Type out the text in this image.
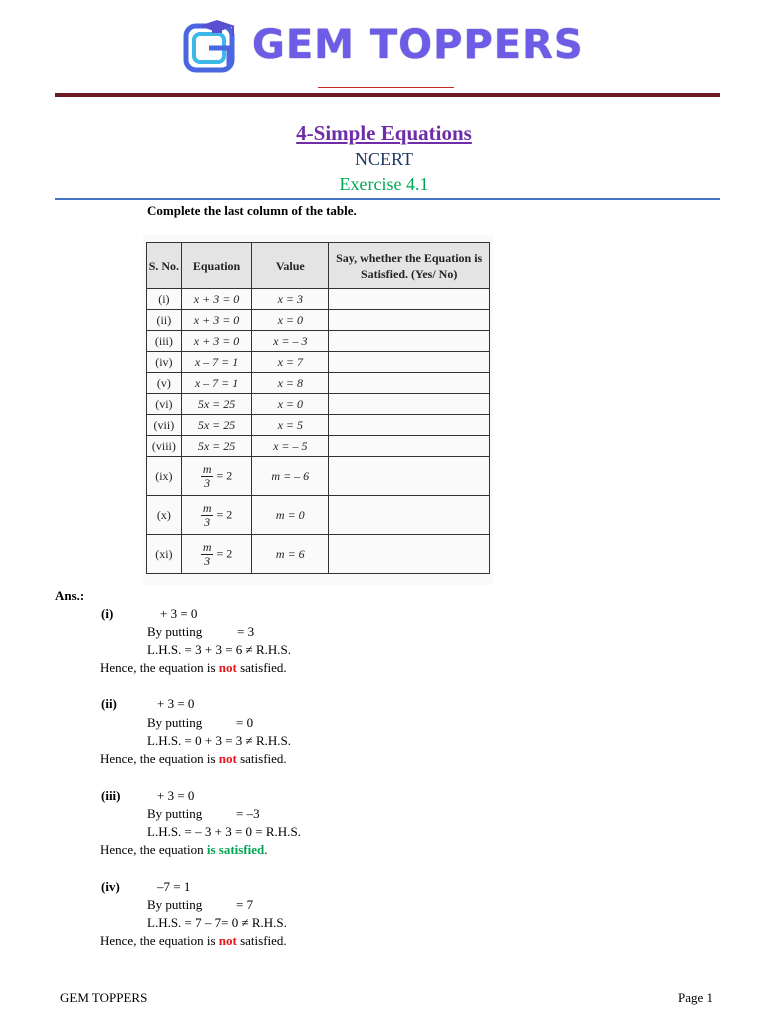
GEM TOPPERS
4-Simple Equations
NCERT
Exercise 4.1
Complete the last column of the table.
S. No.	Equation	Value	Say, whether the Equation is Satisfied. (Yes/ No)
(i)	x + 3 = 0	x = 3	
(ii)	x + 3 = 0	x = 0	
(iii)	x + 3 = 0	x = – 3	
(iv)	x – 7 = 1	x = 7	
(v)	x – 7 = 1	x = 8	
(vi)	5x = 25	x = 0	
(vii)	5x = 25	x = 5	
(viii)	5x = 25	x = – 5	
(ix)	$\frac{m}{3} = 2$	m = – 6	
(x)	$\frac{m}{3} = 2$	m = 0	
(xi)	$\frac{m}{3} = 2$	m = 6	
Ans.:
(i)	+ 3 = 0
By putting	= 3
L.H.S. = 3 + 3 = 6 ≠ R.H.S.
Hence, the equation is not satisfied.
(ii)	+ 3 = 0
By putting	= 0
L.H.S. = 0 + 3 = 3 ≠ R.H.S.
Hence, the equation is not satisfied.
(iii)	+ 3 = 0
By putting	= –3
L.H.S. = – 3 + 3 = 0 = R.H.S.
Hence, the equation is satisfied.
(iv)	–7 = 1
By putting	= 7
L.H.S. = 7 – 7= 0 ≠ R.H.S.
Hence, the equation is not satisfied.
GEM TOPPERS	Page 1
